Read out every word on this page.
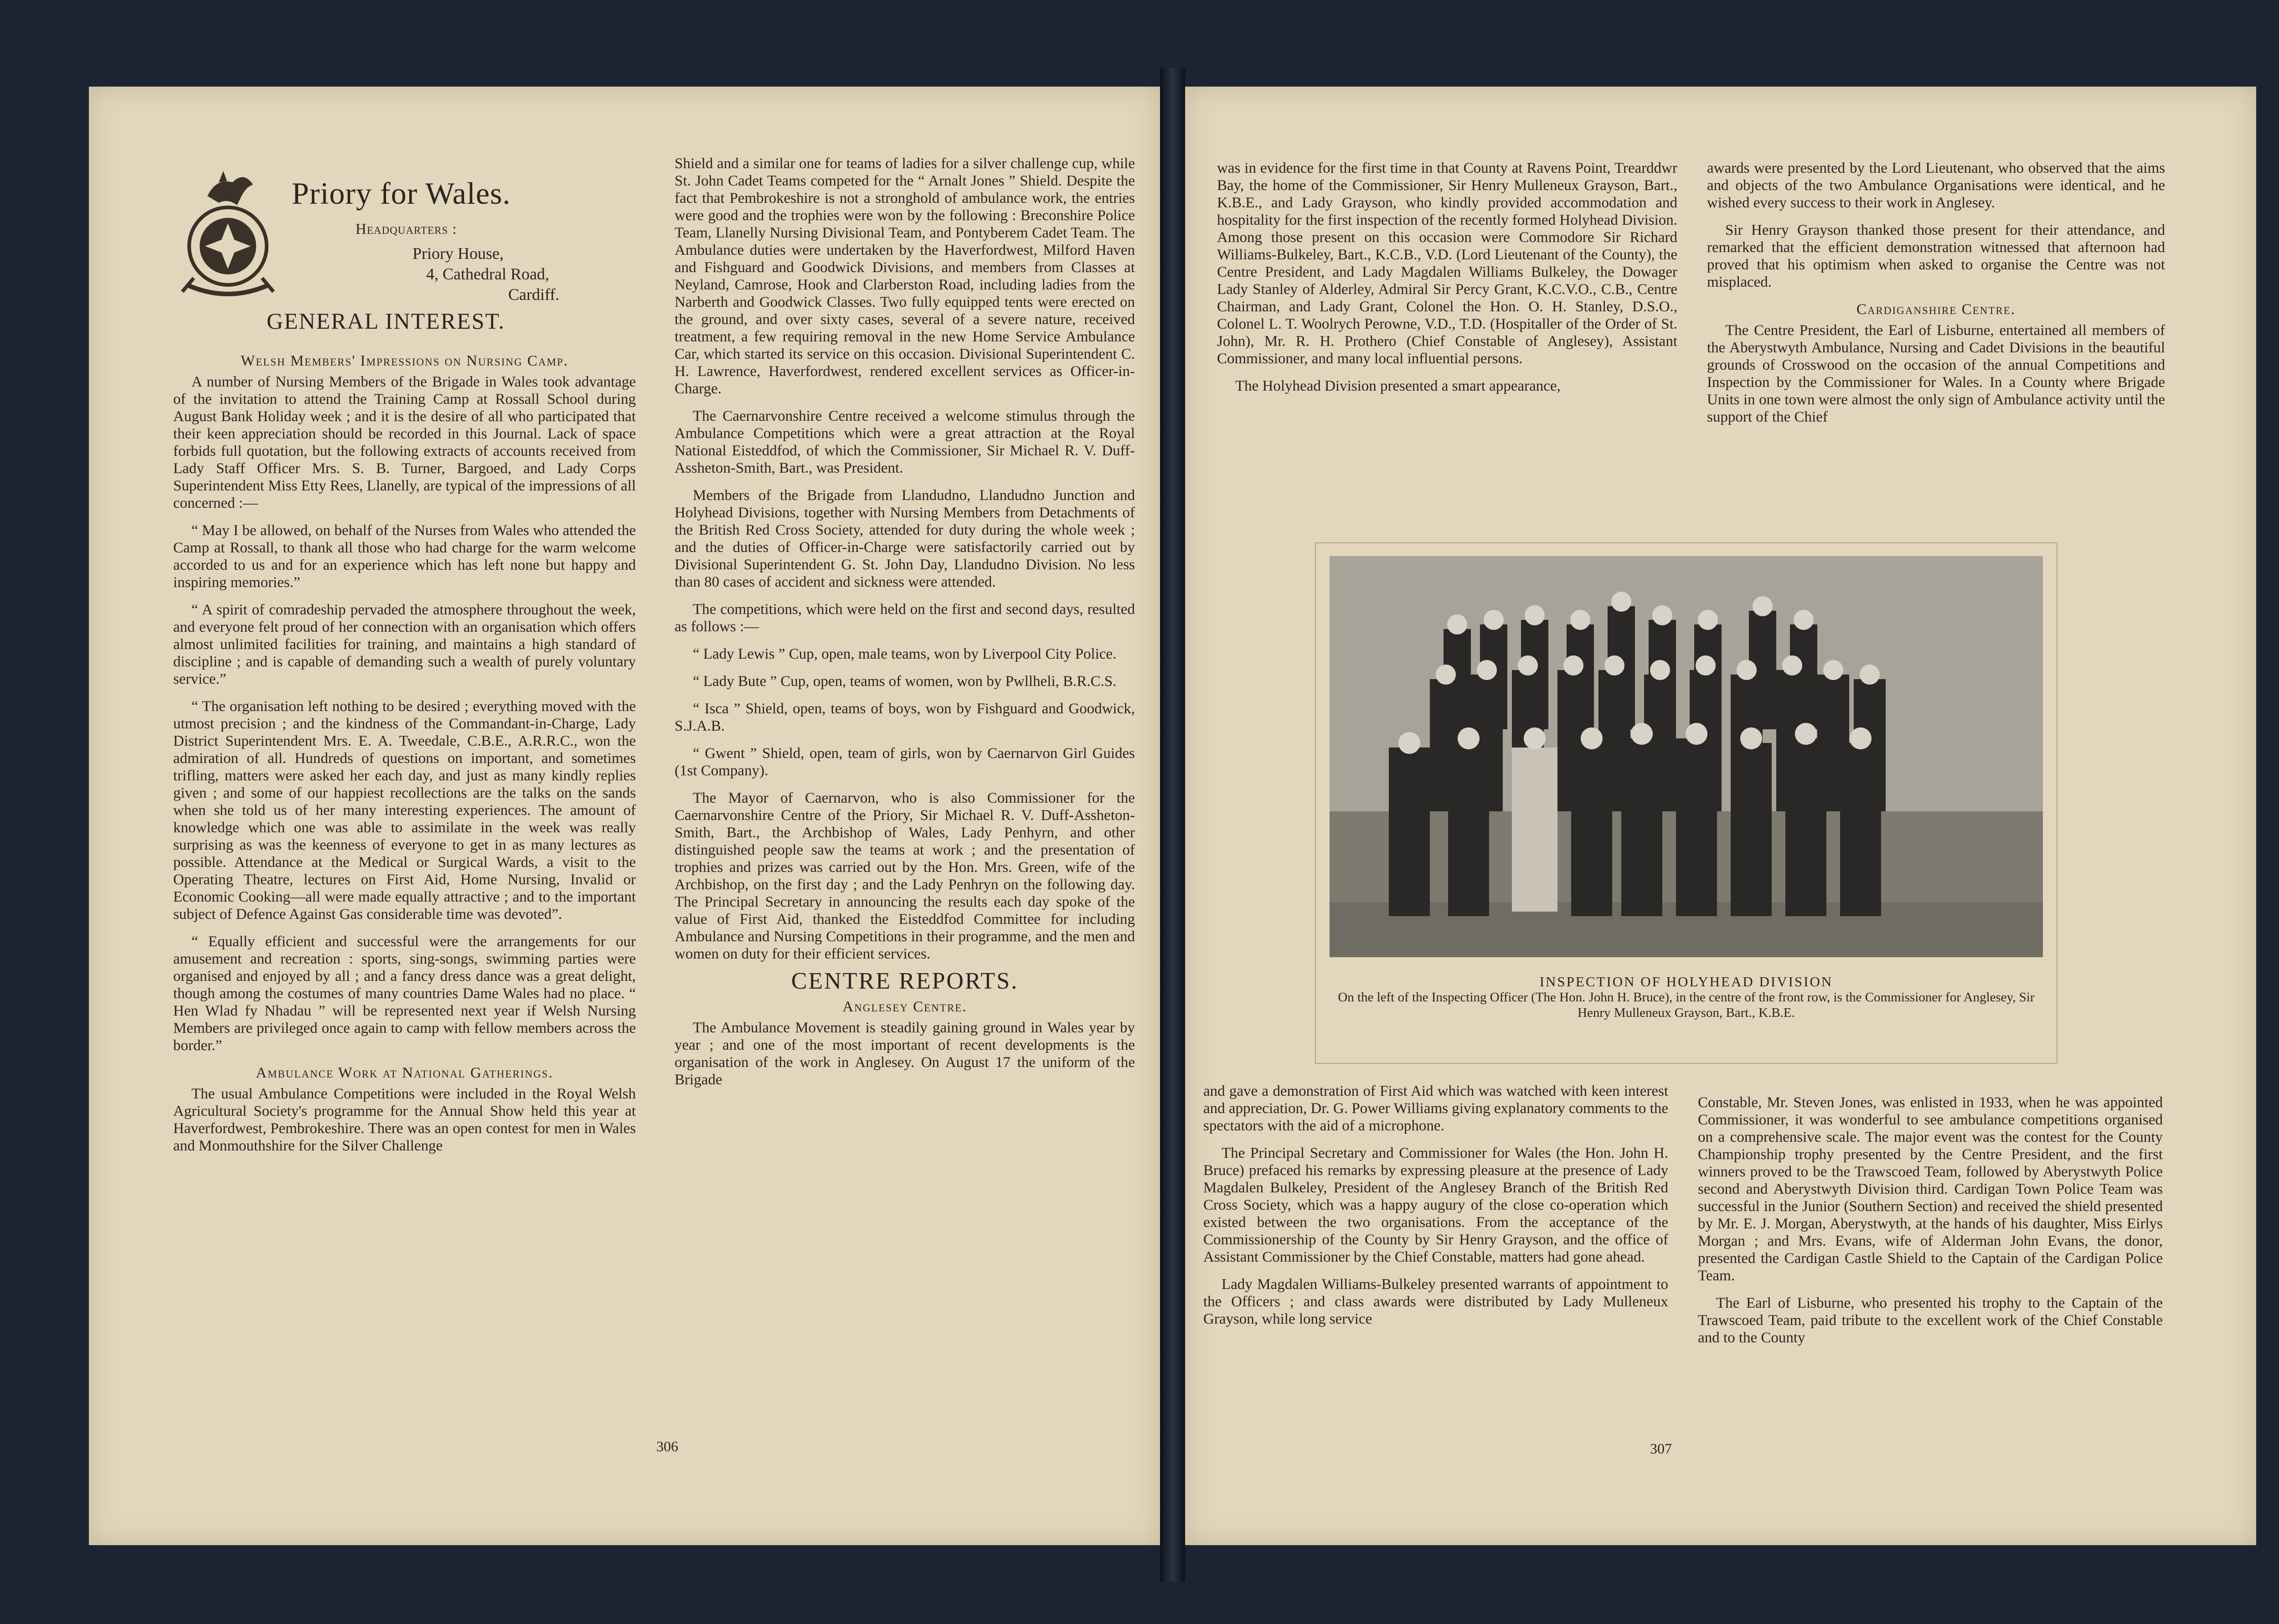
Priory for Wales.
Headquarters :
Priory House,
4, Cathedral Road,
Cardiff.
GENERAL INTEREST.
Welsh Members' Impressions on Nursing Camp.

A number of Nursing Members of the Brigade in Wales took advantage of the invitation to attend the Training Camp at Rossall School during August Bank Holiday week ; and it is the desire of all who participated that their keen appreciation should be recorded in this Journal. Lack of space forbids full quotation, but the following extracts of accounts received from Lady Staff Officer Mrs. S. B. Turner, Bargoed, and Lady Corps Superintendent Miss Etty Rees, Llanelly, are typical of the impressions of all concerned :—

“ May I be allowed, on behalf of the Nurses from Wales who attended the Camp at Rossall, to thank all those who had charge for the warm welcome accorded to us and for an experience which has left none but happy and inspiring memories.”

“ A spirit of comradeship pervaded the atmosphere throughout the week, and everyone felt proud of her connection with an organisation which offers almost unlimited facilities for training, and maintains a high standard of discipline ; and is capable of demanding such a wealth of purely voluntary service.”

“ The organisation left nothing to be desired ; everything moved with the utmost precision ; and the kindness of the Commandant-in-Charge, Lady District Superintendent Mrs. E. A. Tweedale, C.B.E., A.R.R.C., won the admiration of all. Hundreds of questions on important, and sometimes trifling, matters were asked her each day, and just as many kindly replies given ; and some of our happiest recollections are the talks on the sands when she told us of her many interesting experiences. The amount of knowledge which one was able to assimilate in the week was really surprising as was the keenness of everyone to get in as many lectures as possible. Attendance at the Medical or Surgical Wards, a visit to the Operating Theatre, lectures on First Aid, Home Nursing, Invalid or Economic Cooking—all were made equally attractive ; and to the important subject of Defence Against Gas considerable time was devoted”.

“ Equally efficient and successful were the arrangements for our amusement and recreation : sports, sing-songs, swimming parties were organised and enjoyed by all ; and a fancy dress dance was a great delight, though among the costumes of many countries Dame Wales had no place. “ Hen Wlad fy Nhadau ” will be represented next year if Welsh Nursing Members are privileged once again to camp with fellow members across the border.”

Ambulance Work at National Gatherings.

The usual Ambulance Competitions were included in the Royal Welsh Agricultural Society's programme for the Annual Show held this year at Haverfordwest, Pembrokeshire. There was an open contest for men in Wales and Monmouthshire for the Silver Challenge

Shield and a similar one for teams of ladies for a silver challenge cup, while St. John Cadet Teams competed for the “ Arnalt Jones ” Shield. Despite the fact that Pembrokeshire is not a stronghold of ambulance work, the entries were good and the trophies were won by the following : Breconshire Police Team, Llanelly Nursing Divisional Team, and Pontyberem Cadet Team. The Ambulance duties were undertaken by the Haverfordwest, Milford Haven and Fishguard and Goodwick Divisions, and members from Classes at Neyland, Camrose, Hook and Clarberston Road, including ladies from the Narberth and Goodwick Classes. Two fully equipped tents were erected on the ground, and over sixty cases, several of a severe nature, received treatment, a few requiring removal in the new Home Service Ambulance Car, which started its service on this occasion. Divisional Superintendent C. H. Lawrence, Haverfordwest, rendered excellent services as Officer-in-Charge.

The Caernarvonshire Centre received a welcome stimulus through the Ambulance Competitions which were a great attraction at the Royal National Eisteddfod, of which the Commissioner, Sir Michael R. V. Duff-Assheton-Smith, Bart., was President.

Members of the Brigade from Llandudno, Llandudno Junction and Holyhead Divisions, together with Nursing Members from Detachments of the British Red Cross Society, attended for duty during the whole week ; and the duties of Officer-in-Charge were satisfactorily carried out by Divisional Superintendent G. St. John Day, Llandudno Division. No less than 80 cases of accident and sickness were attended.

The competitions, which were held on the first and second days, resulted as follows :—

“ Lady Lewis ” Cup, open, male teams, won by Liverpool City Police.

“ Lady Bute ” Cup, open, teams of women, won by Pwllheli, B.R.C.S.

“ Isca ” Shield, open, teams of boys, won by Fishguard and Goodwick, S.J.A.B.

“ Gwent ” Shield, open, team of girls, won by Caernarvon Girl Guides (1st Company).

The Mayor of Caernarvon, who is also Commissioner for the Caernarvonshire Centre of the Priory, Sir Michael R. V. Duff-Assheton-Smith, Bart., the Archbishop of Wales, Lady Penhyrn, and other distinguished people saw the teams at work ; and the presentation of trophies and prizes was carried out by the Hon. Mrs. Green, wife of the Archbishop, on the first day ; and the Lady Penhryn on the following day. The Principal Secretary in announcing the results each day spoke of the value of First Aid, thanked the Eisteddfod Committee for including Ambulance and Nursing Competitions in their programme, and the men and women on duty for their efficient services.

CENTRE REPORTS.
Anglesey Centre.

The Ambulance Movement is steadily gaining ground in Wales year by year ; and one of the most important of recent developments is the organisation of the work in Anglesey. On August 17 the uniform of the Brigade

306

was in evidence for the first time in that County at Ravens Point, Trearddwr Bay, the home of the Commissioner, Sir Henry Mulleneux Grayson, Bart., K.B.E., and Lady Grayson, who kindly provided accommodation and hospitality for the first inspection of the recently formed Holyhead Division. Among those present on this occasion were Commodore Sir Richard Williams-Bulkeley, Bart., K.C.B., V.D. (Lord Lieutenant of the County), the Centre President, and Lady Magdalen Williams Bulkeley, the Dowager Lady Stanley of Alderley, Admiral Sir Percy Grant, K.C.V.O., C.B., Centre Chairman, and Lady Grant, Colonel the Hon. O. H. Stanley, D.S.O., Colonel L. T. Woolrych Perowne, V.D., T.D. (Hospitaller of the Order of St. John), Mr. R. H. Prothero (Chief Constable of Anglesey), Assistant Commissioner, and many local influential persons.

The Holyhead Division presented a smart appearance,

awards were presented by the Lord Lieutenant, who observed that the aims and objects of the two Ambulance Organisations were identical, and he wished every success to their work in Anglesey.

Sir Henry Grayson thanked those present for their attendance, and remarked that the efficient demonstration witnessed that afternoon had proved that his optimism when asked to organise the Centre was not misplaced.

Cardiganshire Centre.

The Centre President, the Earl of Lisburne, entertained all members of the Aberystwyth Ambulance, Nursing and Cadet Divisions in the beautiful grounds of Crosswood on the occasion of the annual Competitions and Inspection by the Commissioner for Wales. In a County where Brigade Units in one town were almost the only sign of Ambulance activity until the support of the Chief

and gave a demonstration of First Aid which was watched with keen interest and appreciation, Dr. G. Power Williams giving explanatory comments to the spectators with the aid of a microphone.

The Principal Secretary and Commissioner for Wales (the Hon. John H. Bruce) prefaced his remarks by expressing pleasure at the presence of Lady Magdalen Bulkeley, President of the Anglesey Branch of the British Red Cross Society, which was a happy augury of the close co-operation which existed between the two organisations. From the acceptance of the Commissionership of the County by Sir Henry Grayson, and the office of Assistant Commissioner by the Chief Constable, matters had gone ahead.

Lady Magdalen Williams-Bulkeley presented warrants of appointment to the Officers ; and class awards were distributed by Lady Mulleneux Grayson, while long service

Constable, Mr. Steven Jones, was enlisted in 1933, when he was appointed Commissioner, it was wonderful to see ambulance competitions organised on a comprehensive scale. The major event was the contest for the County Championship trophy presented by the Centre President, and the first winners proved to be the Trawscoed Team, followed by Aberystwyth Police second and Aberystwyth Division third. Cardigan Town Police Team was successful in the Junior (Southern Section) and received the shield presented by Mr. E. J. Morgan, Aberystwyth, at the hands of his daughter, Miss Eirlys Morgan ; and Mrs. Evans, wife of Alderman John Evans, the donor, presented the Cardigan Castle Shield to the Captain of the Cardigan Police Team.

The Earl of Lisburne, who presented his trophy to the Captain of the Trawscoed Team, paid tribute to the excellent work of the Chief Constable and to the County

307
INSPECTION OF HOLYHEAD DIVISION
On the left of the Inspecting Officer (The Hon. John H. Bruce), in the centre of the front row, is the Commissioner for Anglesey, Sir Henry Mulleneux Grayson, Bart., K.B.E.
